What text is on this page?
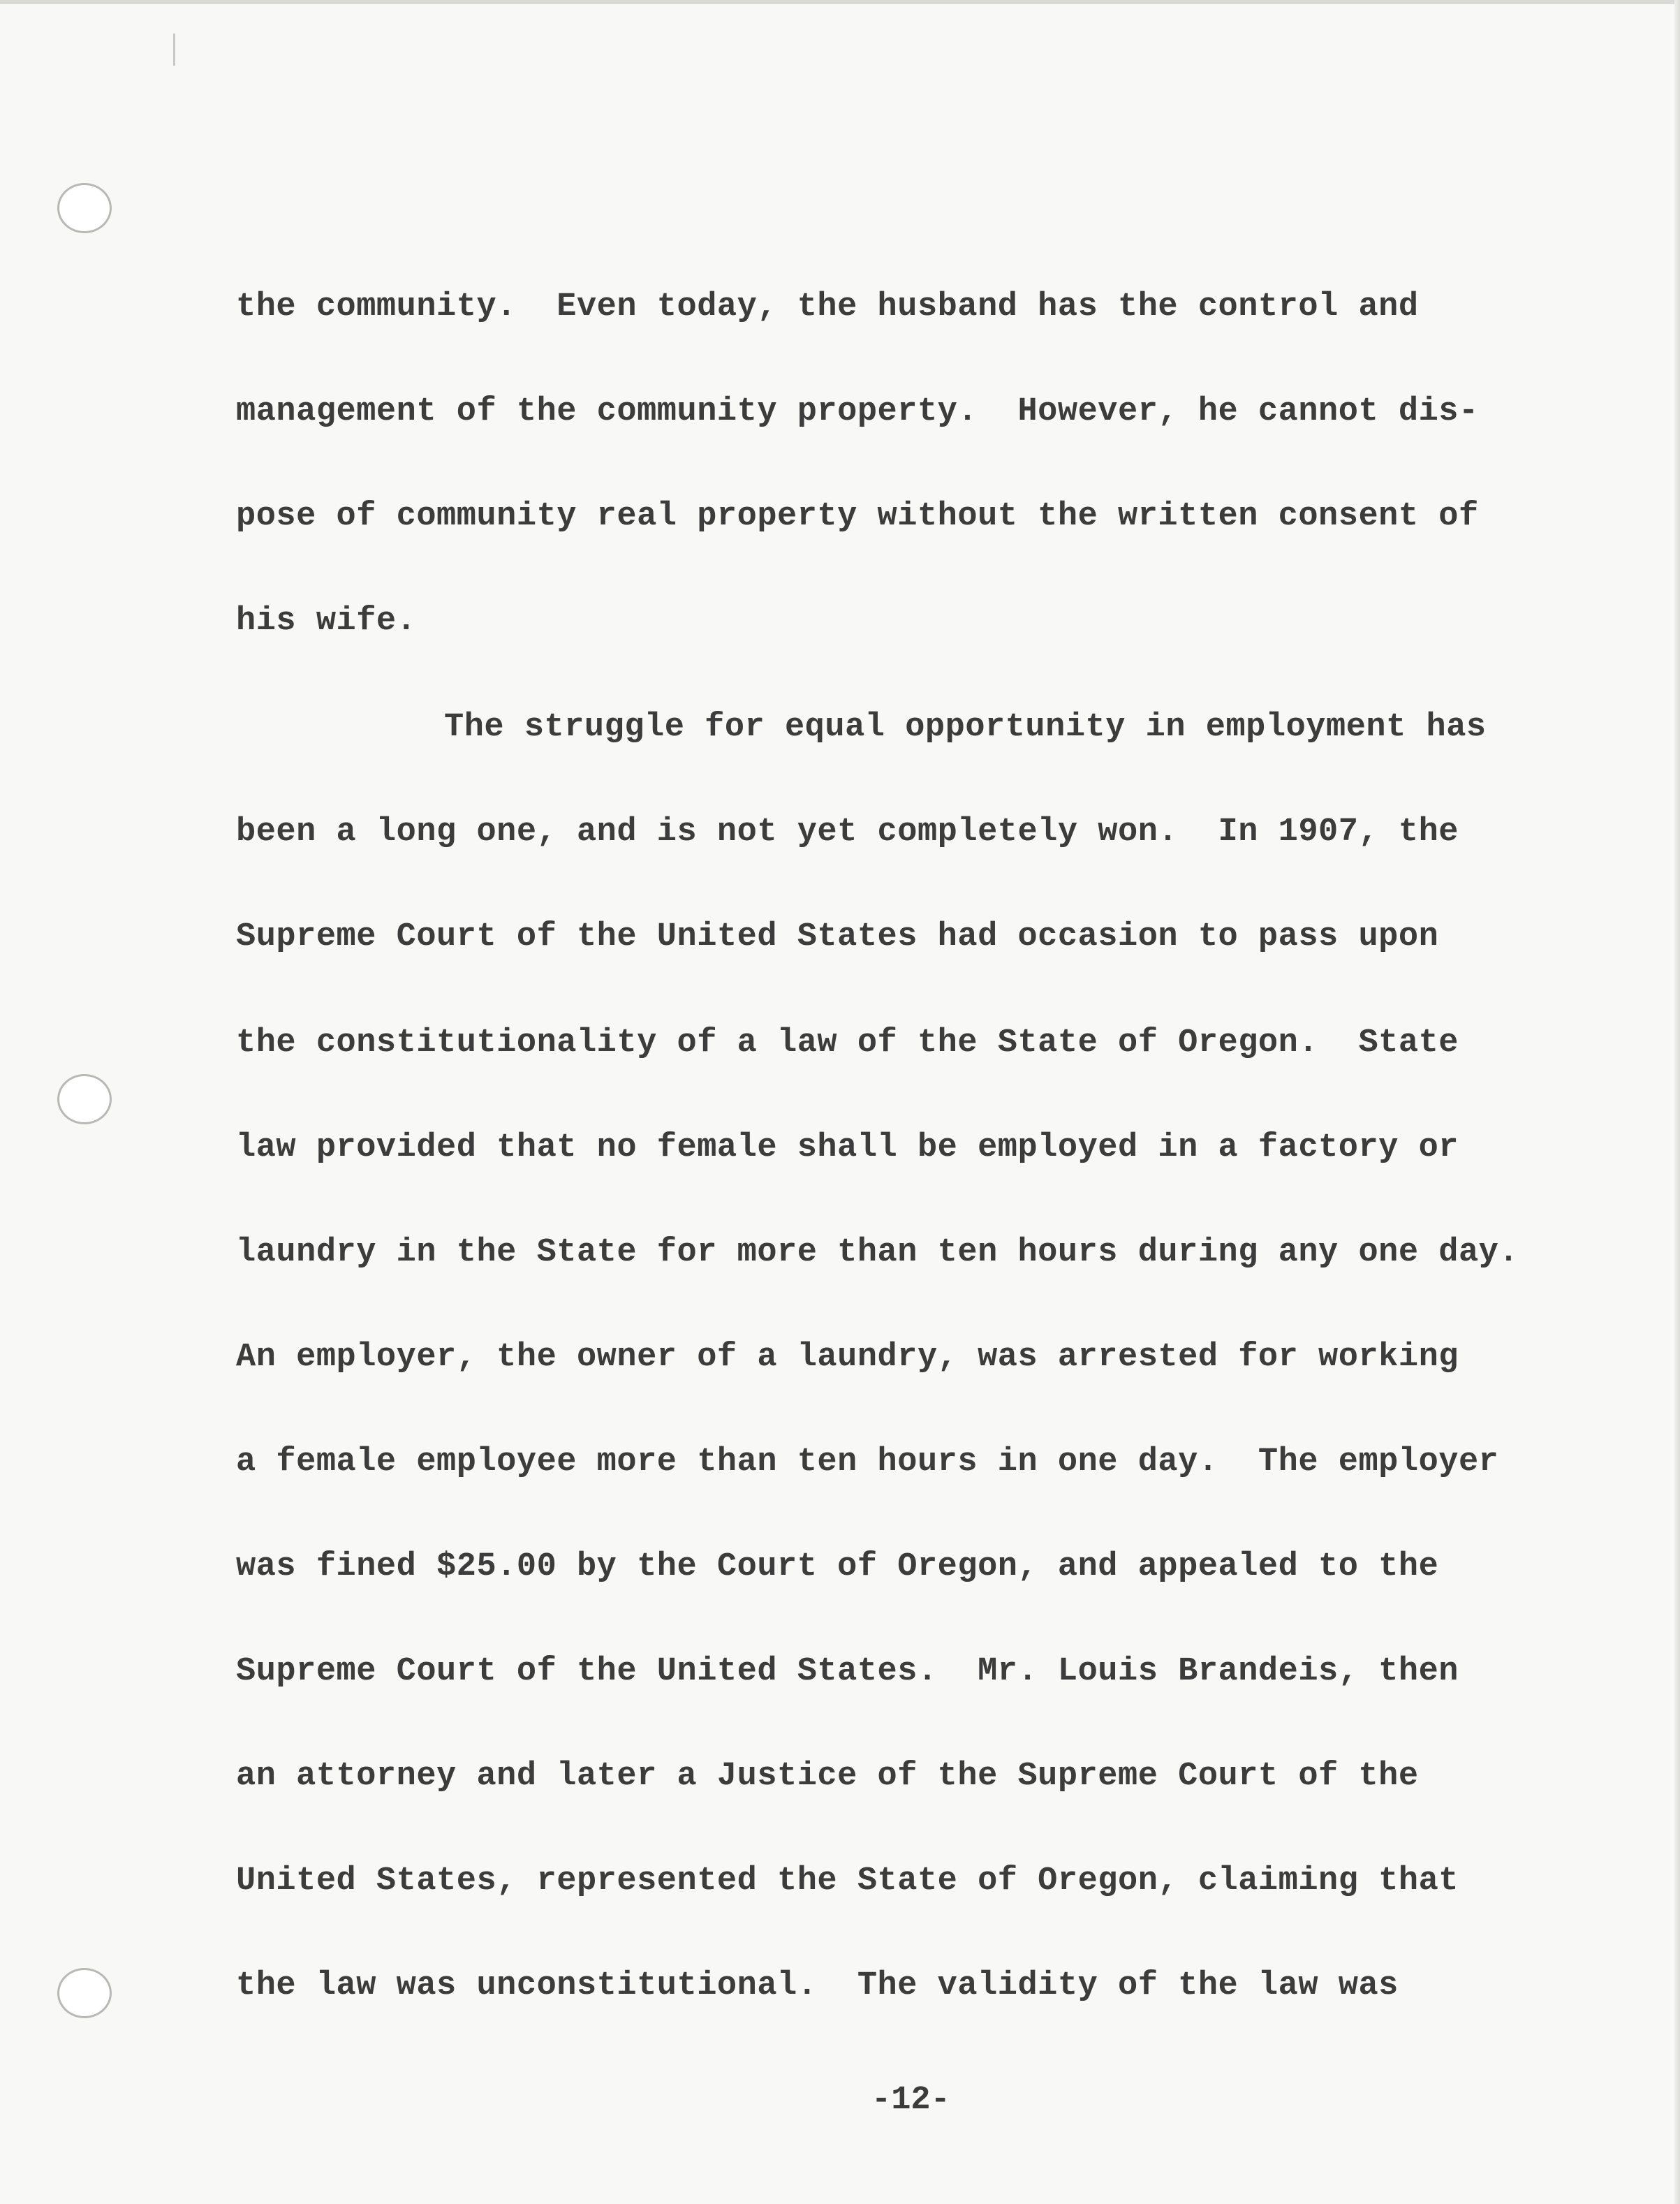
the community.  Even today, the husband has the control and
management of the community property.  However, he cannot dis-
pose of community real property without the written consent of
his wife.
The struggle for equal opportunity in employment has
been a long one, and is not yet completely won.  In 1907, the
Supreme Court of the United States had occasion to pass upon
the constitutionality of a law of the State of Oregon.  State
law provided that no female shall be employed in a factory or
laundry in the State for more than ten hours during any one day.
An employer, the owner of a laundry, was arrested for working
a female employee more than ten hours in one day.  The employer
was fined $25.00 by the Court of Oregon, and appealed to the
Supreme Court of the United States.  Mr. Louis Brandeis, then
an attorney and later a Justice of the Supreme Court of the
United States, represented the State of Oregon, claiming that
the law was unconstitutional.  The validity of the law was
-12-
